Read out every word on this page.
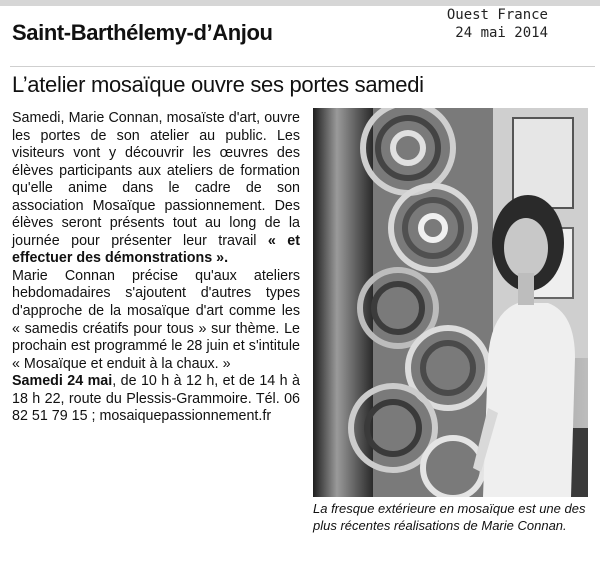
Ouest France
24 mai 2014
Saint-Barthélemy-d’Anjou
L’atelier mosaïque ouvre ses portes samedi

Samedi, Marie Connan, mosaïste d'art, ouvre les portes de son atelier au public. Les visiteurs vont y découvrir les œuvres des élèves participants aux ateliers de formation qu'elle anime dans le cadre de son association Mosaïque passionnement. Des élèves seront présents tout au long de la journée pour présenter leur travail « et effectuer des démonstrations ».

Marie Connan précise qu'aux ateliers hebdomadaires s'ajoutent d'autres types d'approche de la mosaïque d'art comme les « samedis créatifs pour tous » sur thème. Le prochain est programmé le 28 juin et s'intitule « Mosaïque et enduit à la chaux. »

Samedi 24 mai, de 10 h à 12 h, et de 14 h à 18 h 22, route du Plessis-Grammoire. Tél. 06 82 51 79 15 ; mosaiquepassionnement.fr

La fresque extérieure en mosaïque est une des plus récentes réalisations de Marie Connan.
